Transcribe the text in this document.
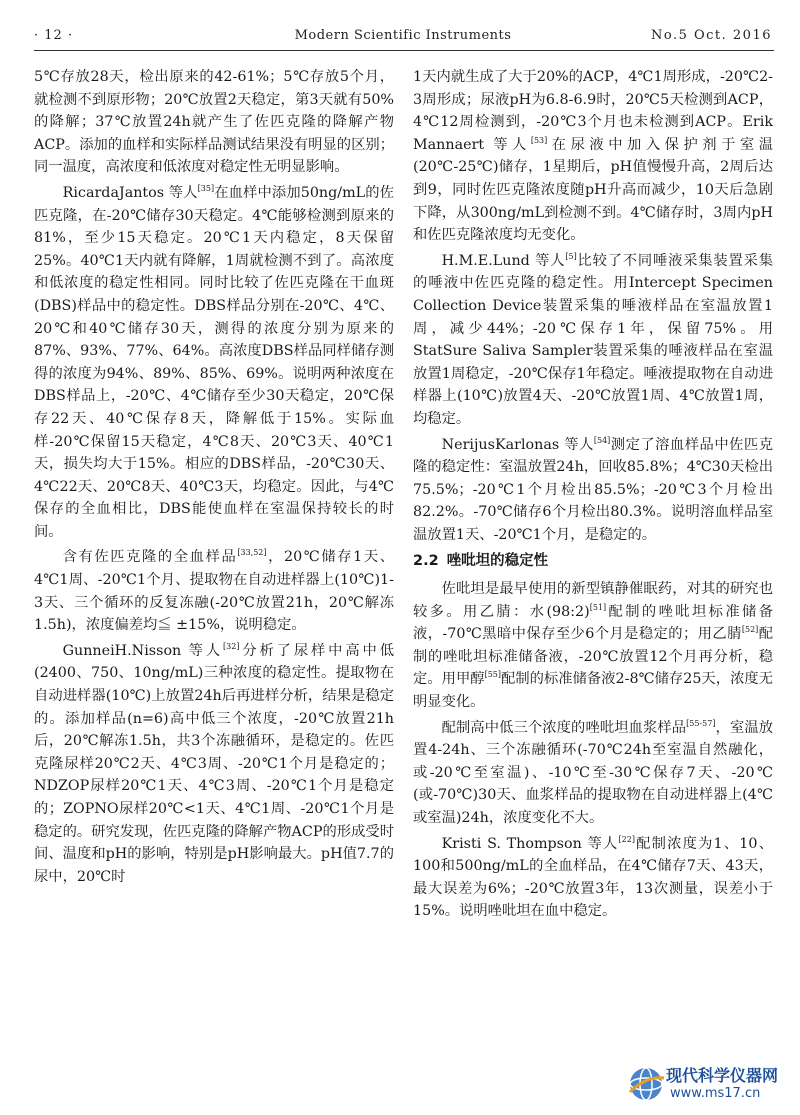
· 12 ·	Modern Scientific Instruments	No.5 Oct. 2016

5℃存放28天，检出原来的42-61%；5℃存放5个月，就检测不到原形物；20℃放置2天稳定，第3天就有50%的降解；37℃放置24h就产生了佐匹克隆的降解产物ACP。添加的血样和实际样品测试结果没有明显的区别；同一温度，高浓度和低浓度对稳定性无明显影响。

RicardaJantos 等人[35]在血样中添加50ng/mL的佐匹克隆，在-20℃储存30天稳定。4℃能够检测到原来的81%，至少15天稳定。20℃1天内稳定，8天保留25%。40℃1天内就有降解，1周就检测不到了。高浓度和低浓度的稳定性相同。同时比较了佐匹克隆在干血斑(DBS)样品中的稳定性。DBS样品分别在-20℃、4℃、20℃和40℃储存30天，测得的浓度分别为原来的87%、93%、77%、64%。高浓度DBS样品同样储存测得的浓度为94%、89%、85%、69%。说明两种浓度在DBS样品上，-20℃、4℃储存至少30天稳定，20℃保存22天、40℃保存8天，降解低于15%。实际血样-20℃保留15天稳定，4℃8天、20℃3天、40℃1天，损失均大于15%。相应的DBS样品，-20℃30天、4℃22天、20℃8天、40℃3天，均稳定。因此，与4℃保存的全血相比，DBS能使血样在室温保持较长的时间。

含有佐匹克隆的全血样品[33,52]，20℃储存1天、4℃1周、-20℃1个月、提取物在自动进样器上(10℃)1-3天、三个循环的反复冻融(-20℃放置21h，20℃解冻1.5h)，浓度偏差均≦ ±15%，说明稳定。

GunneiH.Nisson 等人[32]分析了尿样中高中低(2400、750、10ng/mL)三种浓度的稳定性。提取物在自动进样器(10℃)上放置24h后再进样分析，结果是稳定的。添加样品(n=6)高中低三个浓度，-20℃放置21h后，20℃解冻1.5h，共3个冻融循环，是稳定的。佐匹克隆尿样20℃2天、4℃3周、-20℃1个月是稳定的；NDZOP尿样20℃1天、4℃3周、-20℃1个月是稳定的；ZOPNO尿样20℃<1天、4℃1周、-20℃1个月是稳定的。研究发现，佐匹克隆的降解产物ACP的形成受时间、温度和pH的影响，特别是pH影响最大。pH值7.7的尿中，20℃时

1天内就生成了大于20%的ACP，4℃1周形成，-20℃2-3周形成；尿液pH为6.8-6.9时，20℃5天检测到ACP，4℃12周检测到，-20℃3个月也未检测到ACP。Erik Mannaert 等人[53]在尿液中加入保护剂于室温(20℃-25℃)储存，1星期后，pH值慢慢升高，2周后达到9，同时佐匹克隆浓度随pH升高而减少，10天后急剧下降，从300ng/mL到检测不到。4℃储存时，3周内pH和佐匹克隆浓度均无变化。

H.M.E.Lund 等人[5]比较了不同唾液采集装置采集的唾液中佐匹克隆的稳定性。用Intercept Specimen Collection Device装置采集的唾液样品在室温放置1周，减少44%；-20℃保存1年，保留75%。用StatSure Saliva Sampler装置采集的唾液样品在室温放置1周稳定，-20℃保存1年稳定。唾液提取物在自动进样器上(10℃)放置4天、-20℃放置1周、4℃放置1周，均稳定。

NerijusKarlonas 等人[54]测定了溶血样品中佐匹克隆的稳定性：室温放置24h，回收85.8%；4℃30天检出75.5%；-20℃1个月检出85.5%；-20℃3个月检出82.2%。-70℃储存6个月检出80.3%。说明溶血样品室温放置1天、-20℃1个月，是稳定的。

2.2 唑吡坦的稳定性

佐吡坦是最早使用的新型镇静催眠药，对其的研究也较多。用乙腈：水(98:2)[51]配制的唑吡坦标准储备液，-70℃黑暗中保存至少6个月是稳定的；用乙腈[52]配制的唑吡坦标准储备液，-20℃放置12个月再分析，稳定。用甲醇[55]配制的标准储备液2-8℃储存25天，浓度无明显变化。

配制高中低三个浓度的唑吡坦血浆样品[55-57]，室温放置4-24h、三个冻融循环(-70℃24h至室温自然融化，或-20℃至室温)、-10℃至-30℃保存7天、-20℃(或-70℃)30天、血浆样品的提取物在自动进样器上(4℃或室温)24h，浓度变化不大。

Kristi S. Thompson 等人[22]配制浓度为1、10、100和500ng/mL的全血样品，在4℃储存7天、43天，最大误差为6%；-20℃放置3年，13次测量，误差小于15%。说明唑吡坦在血中稳定。

现代科学仪器网
www.ms17.cn
